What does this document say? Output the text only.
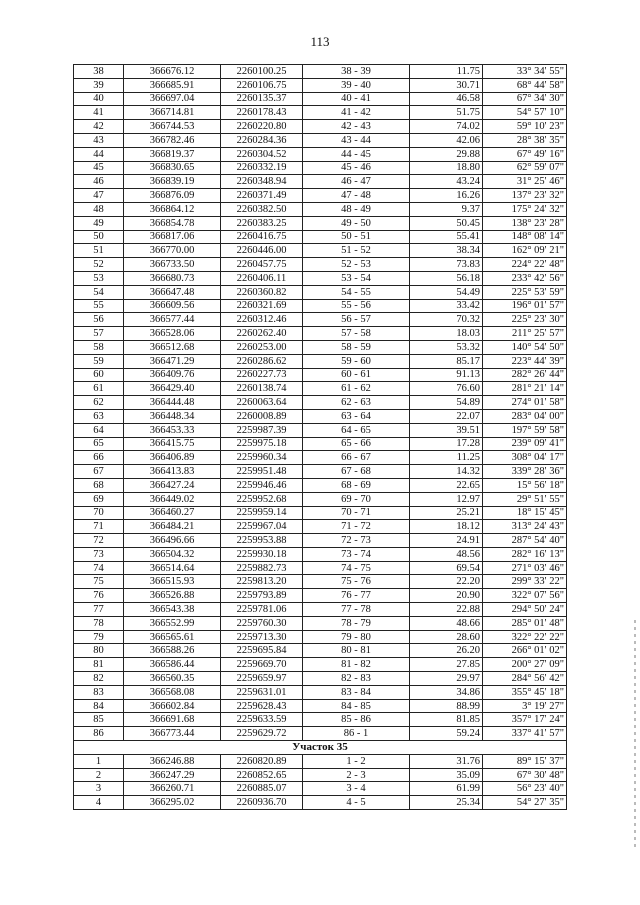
113
38	366676.12	2260100.25	38 - 39	11.75	33° 34' 55"
39	366685.91	2260106.75	39 - 40	30.71	68° 44' 58"
40	366697.04	2260135.37	40 - 41	46.58	67° 34' 30"
41	366714.81	2260178.43	41 - 42	51.75	54° 57' 10"
42	366744.53	2260220.80	42 - 43	74.02	59° 10' 23"
43	366782.46	2260284.36	43 - 44	42.06	28° 38' 35"
44	366819.37	2260304.52	44 - 45	29.88	67° 49' 16"
45	366830.65	2260332.19	45 - 46	18.80	62° 59' 07"
46	366839.19	2260348.94	46 - 47	43.24	31° 25' 46"
47	366876.09	2260371.49	47 - 48	16.26	137° 23' 32"
48	366864.12	2260382.50	48 - 49	9.37	175° 24' 32"
49	366854.78	2260383.25	49 - 50	50.45	138° 23' 28"
50	366817.06	2260416.75	50 - 51	55.41	148° 08' 14"
51	366770.00	2260446.00	51 - 52	38.34	162° 09' 21"
52	366733.50	2260457.75	52 - 53	73.83	224° 22' 48"
53	366680.73	2260406.11	53 - 54	56.18	233° 42' 56"
54	366647.48	2260360.82	54 - 55	54.49	225° 53' 59"
55	366609.56	2260321.69	55 - 56	33.42	196° 01' 57"
56	366577.44	2260312.46	56 - 57	70.32	225° 23' 30"
57	366528.06	2260262.40	57 - 58	18.03	211° 25' 57"
58	366512.68	2260253.00	58 - 59	53.32	140° 54' 50"
59	366471.29	2260286.62	59 - 60	85.17	223° 44' 39"
60	366409.76	2260227.73	60 - 61	91.13	282° 26' 44"
61	366429.40	2260138.74	61 - 62	76.60	281° 21' 14"
62	366444.48	2260063.64	62 - 63	54.89	274° 01' 58"
63	366448.34	2260008.89	63 - 64	22.07	283° 04' 00"
64	366453.33	2259987.39	64 - 65	39.51	197° 59' 58"
65	366415.75	2259975.18	65 - 66	17.28	239° 09' 41"
66	366406.89	2259960.34	66 - 67	11.25	308° 04' 17"
67	366413.83	2259951.48	67 - 68	14.32	339° 28' 36"
68	366427.24	2259946.46	68 - 69	22.65	15° 56' 18"
69	366449.02	2259952.68	69 - 70	12.97	29° 51' 55"
70	366460.27	2259959.14	70 - 71	25.21	18° 15' 45"
71	366484.21	2259967.04	71 - 72	18.12	313° 24' 43"
72	366496.66	2259953.88	72 - 73	24.91	287° 54' 40"
73	366504.32	2259930.18	73 - 74	48.56	282° 16' 13"
74	366514.64	2259882.73	74 - 75	69.54	271° 03' 46"
75	366515.93	2259813.20	75 - 76	22.20	299° 33' 22"
76	366526.88	2259793.89	76 - 77	20.90	322° 07' 56"
77	366543.38	2259781.06	77 - 78	22.88	294° 50' 24"
78	366552.99	2259760.30	78 - 79	48.66	285° 01' 48"
79	366565.61	2259713.30	79 - 80	28.60	322° 22' 22"
80	366588.26	2259695.84	80 - 81	26.20	266° 01' 02"
81	366586.44	2259669.70	81 - 82	27.85	200° 27' 09"
82	366560.35	2259659.97	82 - 83	29.97	284° 56' 42"
83	366568.08	2259631.01	83 - 84	34.86	355° 45' 18"
84	366602.84	2259628.43	84 - 85	88.99	3° 19' 27"
85	366691.68	2259633.59	85 - 86	81.85	357° 17' 24"
86	366773.44	2259629.72	86 - 1	59.24	337° 41' 57"
Участок 35					
1	366246.88	2260820.89	1 - 2	31.76	89° 15' 37"
2	366247.29	2260852.65	2 - 3	35.09	67° 30' 48"
3	366260.71	2260885.07	3 - 4	61.99	56° 23' 40"
4	366295.02	2260936.70	4 - 5	25.34	54° 27' 35"
